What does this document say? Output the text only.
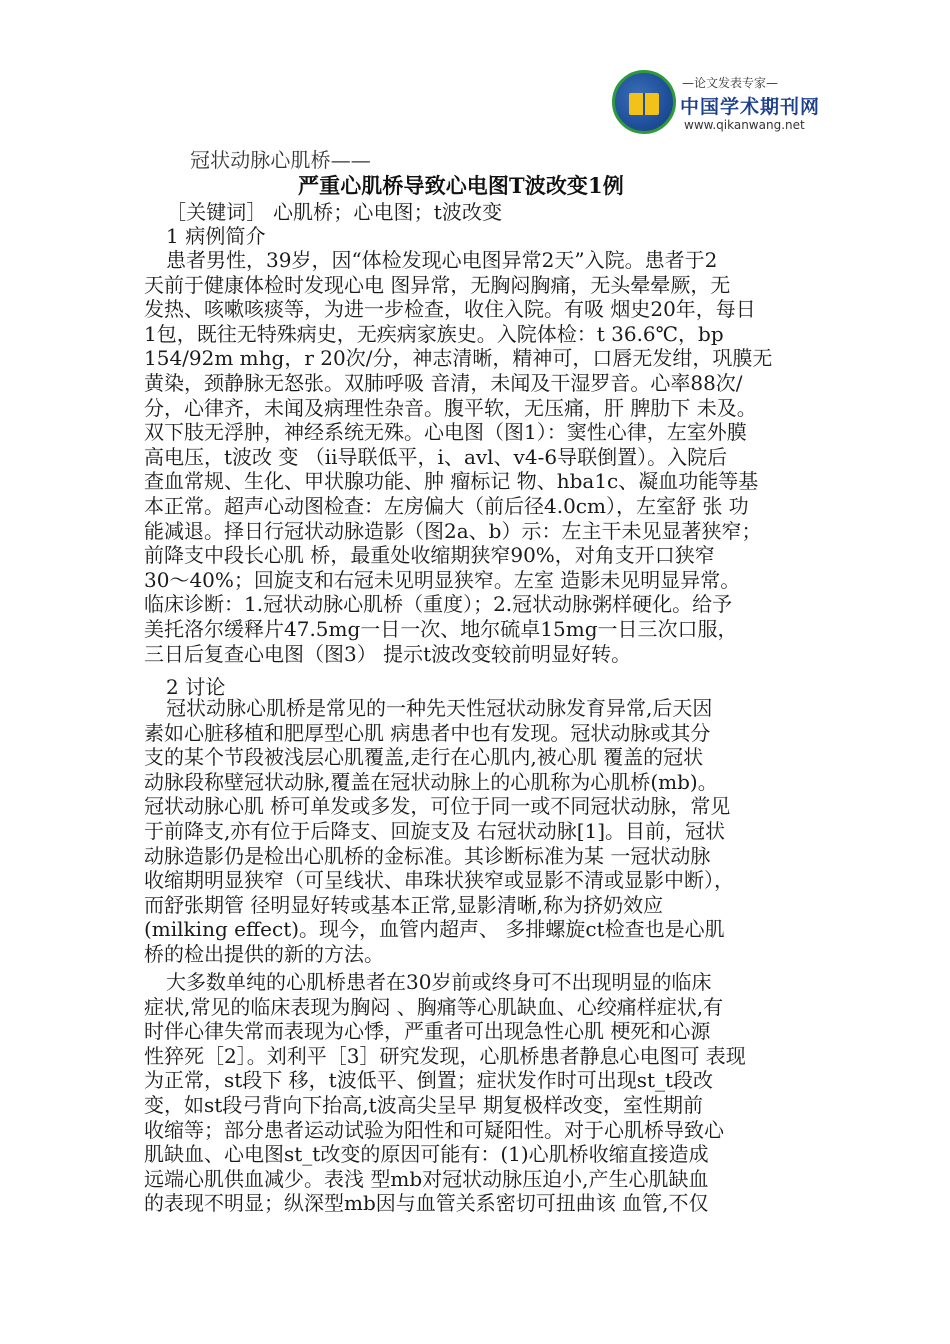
—论文发表专家—
中国学术期刊网
www.qikanwang.net
冠状动脉心肌桥——
严重心肌桥导致心电图T波改变1例
［关键词］ 心肌桥；心电图；t波改变
1 病例简介
患者男性，39岁，因“体检发现心电图异常2天”入院。患者于2
天前于健康体检时发现心电 图异常，无胸闷胸痛，无头晕晕厥，无
发热、咳嗽咳痰等，为进一步检查，收住入院。有吸 烟史20年，每日
1包，既往无特殊病史，无疾病家族史。入院体检：t 36.6℃，bp
154/92m mhg，r 20次/分，神志清晰，精神可，口唇无发绀，巩膜无
黄染，颈静脉无怒张。双肺呼吸 音清，未闻及干湿罗音。心率88次/
分，心律齐，未闻及病理性杂音。腹平软，无压痛，肝 脾肋下 未及。
双下肢无浮肿，神经系统无殊。心电图（图1）：窦性心律，左室外膜
高电压，t波改 变 （ii导联低平，i、avl、v4-6导联倒置）。入院后
查血常规、生化、甲状腺功能、肿 瘤标记 物、hba1c、凝血功能等基
本正常。超声心动图检查：左房偏大（前后径4.0cm），左室舒 张 功
能减退。择日行冠状动脉造影（图2a、b）示：左主干未见显著狭窄；
前降支中段长心肌 桥，最重处收缩期狭窄90%，对角支开口狭窄
30～40%；回旋支和右冠未见明显狭窄。左室 造影未见明显异常。
临床诊断：1.冠状动脉心肌桥（重度）；2.冠状动脉粥样硬化。给予
美托洛尔缓释片47.5mg一日一次、地尔硫卓15mg一日三次口服，
三日后复查心电图（图3） 提示t波改变较前明显好转。
2 讨论
冠状动脉心肌桥是常见的一种先天性冠状动脉发育异常,后天因
素如心脏移植和肥厚型心肌 病患者中也有发现。冠状动脉或其分
支的某个节段被浅层心肌覆盖,走行在心肌内,被心肌 覆盖的冠状
动脉段称壁冠状动脉,覆盖在冠状动脉上的心肌称为心肌桥(mb)。
冠状动脉心肌 桥可单发或多发，可位于同一或不同冠状动脉，常见
于前降支,亦有位于后降支、回旋支及 右冠状动脉[1]。目前，冠状
动脉造影仍是检出心肌桥的金标准。其诊断标准为某 一冠状动脉
收缩期明显狭窄（可呈线状、串珠状狭窄或显影不清或显影中断），
而舒张期管 径明显好转或基本正常,显影清晰,称为挤奶效应
(milking effect)。现今，血管内超声、 多排螺旋ct检查也是心肌
桥的检出提供的新的方法。
大多数单纯的心肌桥患者在30岁前或终身可不出现明显的临床
症状,常见的临床表现为胸闷 、胸痛等心肌缺血、心绞痛样症状,有
时伴心律失常而表现为心悸，严重者可出现急性心肌 梗死和心源
性猝死［2］。刘利平［3］研究发现，心肌桥患者静息心电图可 表现
为正常，st段下 移，t波低平、倒置；症状发作时可出现st_t段改
变，如st段弓背向下抬高,t波高尖呈早 期复极样改变，室性期前
收缩等；部分患者运动试验为阳性和可疑阳性。对于心肌桥导致心
肌缺血、心电图st_t改变的原因可能有：(1)心肌桥收缩直接造成
远端心肌供血减少。表浅 型mb对冠状动脉压迫小,产生心肌缺血
的表现不明显；纵深型mb因与血管关系密切可扭曲该 血管,不仅
